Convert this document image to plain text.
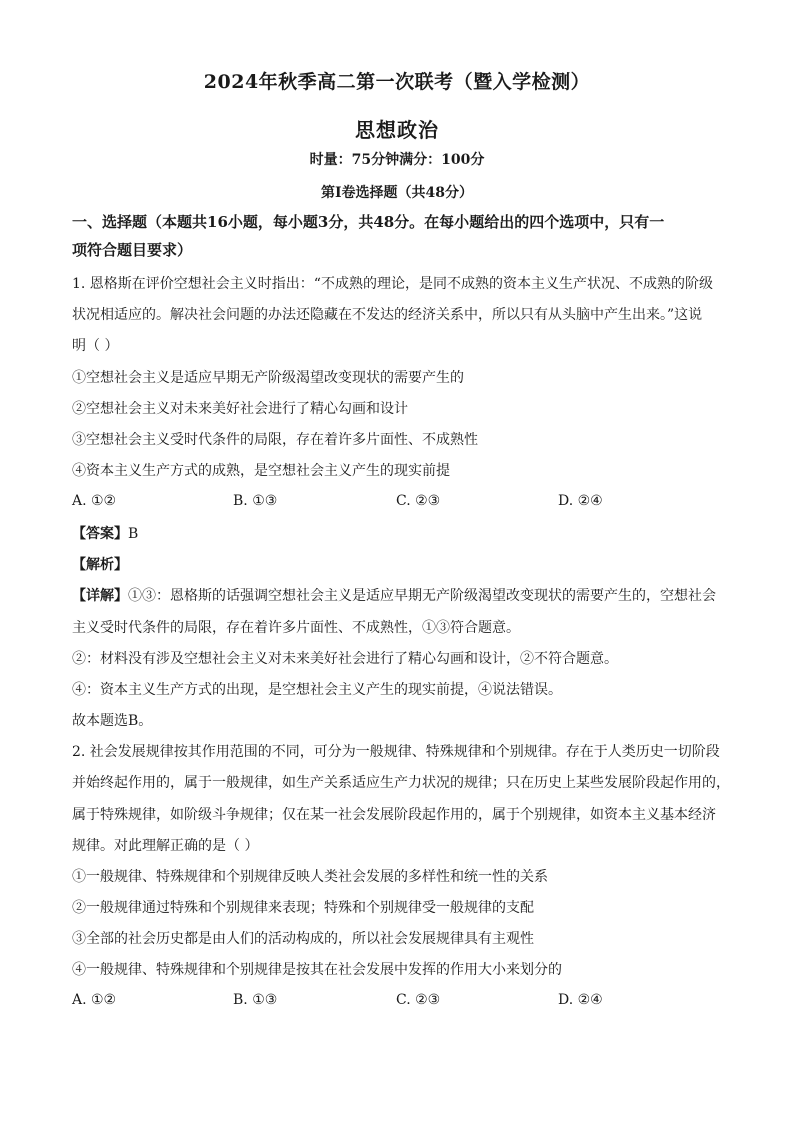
2024年秋季高二第一次联考（暨入学检测）
思想政治
时量：75分钟满分：100分
第Ⅰ卷选择题（共48分）
一、选择题（本题共16小题，每小题3分，共48分。在每小题给出的四个选项中，只有一
项符合题目要求）
1. 恩格斯在评价空想社会主义时指出：“不成熟的理论，是同不成熟的资本主义生产状况、不成熟的阶级
状况相适应的。解决社会问题的办法还隐藏在不发达的经济关系中，所以只有从头脑中产生出来。”这说
明（ ）
①空想社会主义是适应早期无产阶级渴望改变现状的需要产生的
②空想社会主义对未来美好社会进行了精心勾画和设计
③空想社会主义受时代条件的局限，存在着许多片面性、不成熟性
④资本主义生产方式的成熟，是空想社会主义产生的现实前提
A. ①②	B. ①③	C. ②③	D. ②④
【答案】B
【解析】
【详解】①③：恩格斯的话强调空想社会主义是适应早期无产阶级渴望改变现状的需要产生的，空想社会
主义受时代条件的局限，存在着许多片面性、不成熟性，①③符合题意。
②：材料没有涉及空想社会主义对未来美好社会进行了精心勾画和设计，②不符合题意。
④：资本主义生产方式的出现，是空想社会主义产生的现实前提，④说法错误。
故本题选B。
2. 社会发展规律按其作用范围的不同，可分为一般规律、特殊规律和个别规律。存在于人类历史一切阶段
并始终起作用的，属于一般规律，如生产关系适应生产力状况的规律；只在历史上某些发展阶段起作用的，
属于特殊规律，如阶级斗争规律；仅在某一社会发展阶段起作用的，属于个别规律，如资本主义基本经济
规律。对此理解正确的是（ ）
①一般规律、特殊规律和个别规律反映人类社会发展的多样性和统一性的关系
②一般规律通过特殊和个别规律来表现；特殊和个别规律受一般规律的支配
③全部的社会历史都是由人们的活动构成的，所以社会发展规律具有主观性
④一般规律、特殊规律和个别规律是按其在社会发展中发挥的作用大小来划分的
A. ①②	B. ①③	C. ②③	D. ②④
